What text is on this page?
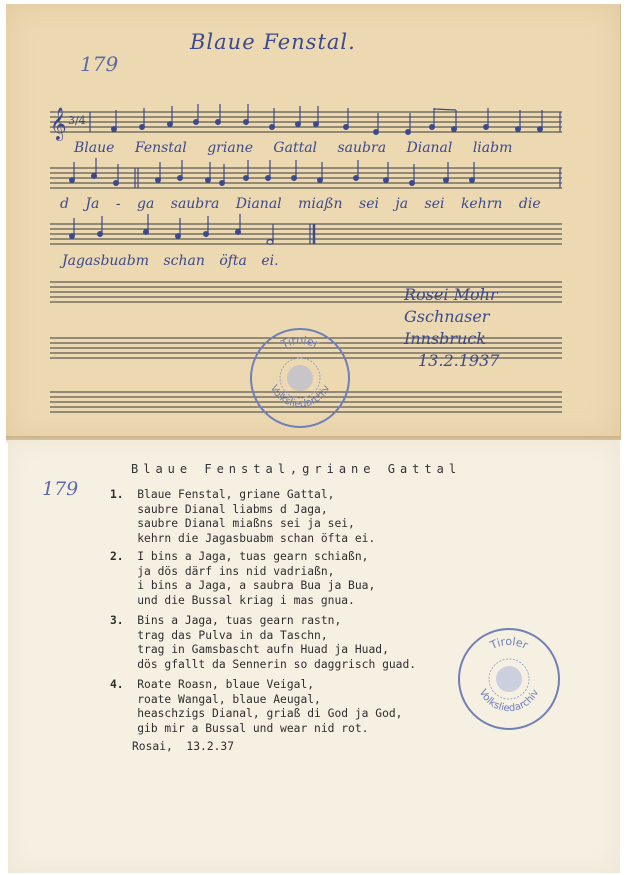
𝄞 3/4
Blaue Fenstal.
179
Blaue Fenstal griane Gattal saubra Dianal liabm
d Ja - ga saubra Dianal miaßn sei ja sei kehrn die
Jagasbuabm schan öfta ei.
Rosei Mohr
Gschnaser
Innsbruck
13.2.1937
Tiroler
Volksliedarchiv
Blaue Fenstal,griane Gattal
179	1. Blaue Fenstal, griane Gattal,
saubre Dianal liabms d Jaga,
saubre Dianal miaßns sei ja sei,
kehrn die Jagasbuabm schan öfta ei.
2. I bins a Jaga, tuas gearn schiaßn,
ja dös därf ins nid vadriaßn,
i bins a Jaga, a saubra Bua ja Bua,
und die Bussal kriag i mas gnua.
3. Bins a Jaga, tuas gearn rastn,
trag das Pulva in da Taschn,
trag in Gamsbascht aufn Huad ja Huad,
dös gfallt da Sennerin so daggrisch guad.
4. Roate Roasn, blaue Veigal,
roate Wangal, blaue Aeugal,
heaschzigs Dianal, griaß di God ja God,
gib mir a Bussal und wear nid rot.
Rosai,  13.2.37
Tiroler
Volksliedarchiv
